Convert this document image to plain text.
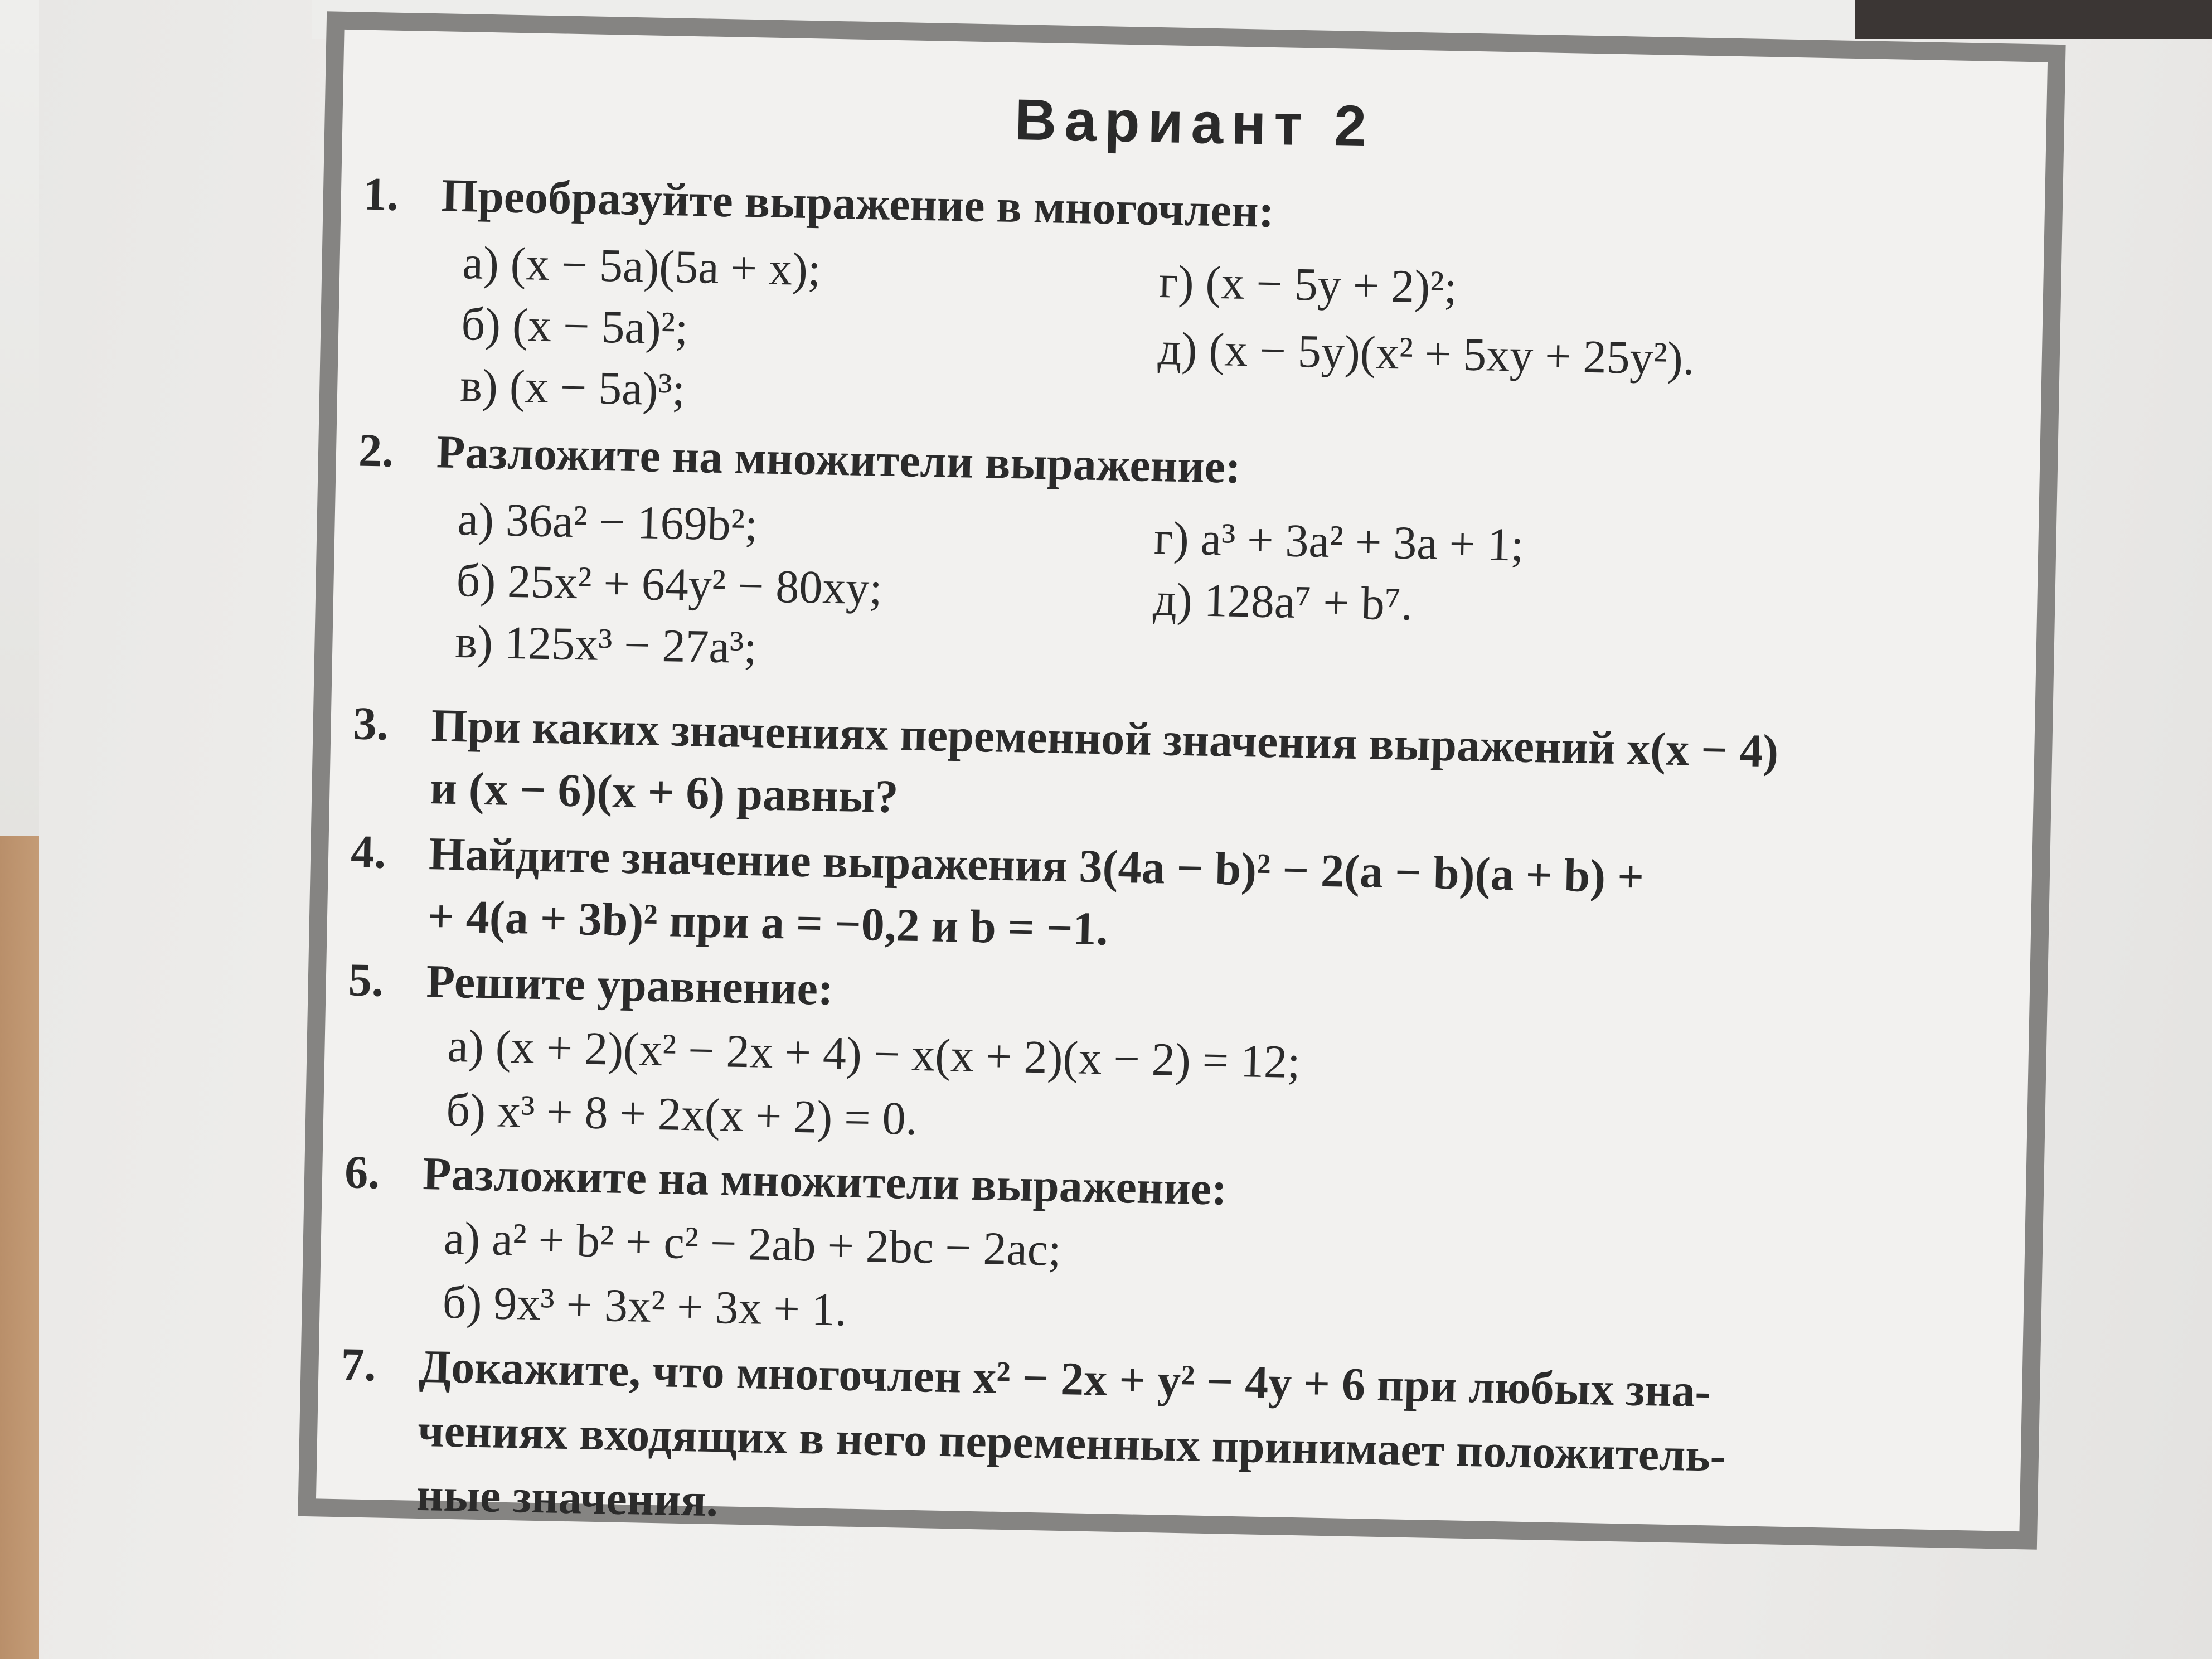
Вариант 2
1. Преобразуйте выражение в многочлен:
а) (x − 5a)(5a + x);
б) (x − 5a)²;
в) (x − 5a)³;
г) (x − 5y + 2)²;
д) (x − 5y)(x² + 5xy + 25y²).
2. Разложите на множители выражение:
а) 36a² − 169b²;
б) 25x² + 64y² − 80xy;
в) 125x³ − 27a³;
г) a³ + 3a² + 3a + 1;
д) 128a⁷ + b⁷.
3. При каких значениях переменной значения выражений x(x − 4)
и (x − 6)(x + 6) равны?
4. Найдите значение выражения 3(4a − b)² − 2(a − b)(a + b) +
+ 4(a + 3b)² при a = −0,2 и b = −1.
5. Решите уравнение:
а) (x + 2)(x² − 2x + 4) − x(x + 2)(x − 2) = 12;
б) x³ + 8 + 2x(x + 2) = 0.
6. Разложите на множители выражение:
а) a² + b² + c² − 2ab + 2bc − 2ac;
б) 9x³ + 3x² + 3x + 1.
7. Докажите, что многочлен x² − 2x + y² − 4y + 6 при любых зна-
чениях входящих в него переменных принимает положитель-
ные значения.
